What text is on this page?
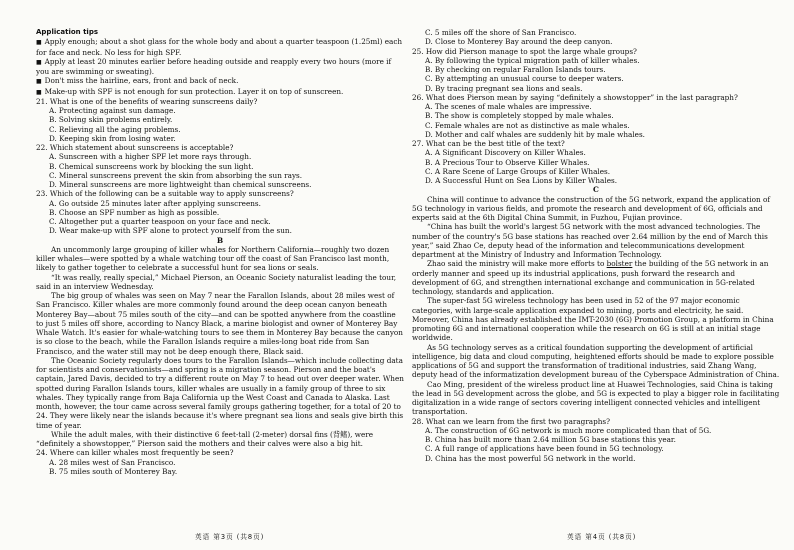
Application tips
■ Apply enough; about a shot glass for the whole body and about a quarter teaspoon (1.25ml) each for face and neck. No less for high SPF.
■ Apply at least 20 minutes earlier before heading outside and reapply every two hours (more if you are swimming or sweating).
■ Don't miss the hairline, ears, front and back of neck.
■ Make-up with SPF is not enough for sun protection. Layer it on top of sunscreen.
21. What is one of the benefits of wearing sunscreens daily?
A. Protecting against sun damage.
B. Solving skin problems entirely.
C. Relieving all the aging problems.
D. Keeping skin from losing water.
22. Which statement about sunscreens is acceptable?
A. Sunscreen with a higher SPF let more rays through.
B. Chemical sunscreens work by blocking the sun light.
C. Mineral sunscreens prevent the skin from absorbing the sun rays.
D. Mineral sunscreens are more lightweight than chemical sunscreens.
23. Which of the following can be a suitable way to apply sunscreens?
A. Go outside 25 minutes later after applying sunscreens.
B. Choose an SPF number as high as possible.
C. Altogether put a quarter teaspoon on your face and neck.
D. Wear make-up with SPF alone to protect yourself from the sun.
B
An uncommonly large grouping of killer whales for Northern California—roughly two dozen killer whales—were spotted by a whale watching tour off the coast of San Francisco last month, likely to gather together to celebrate a successful hunt for sea lions or seals.
“It was really, really special,” Michael Pierson, an Oceanic Society naturalist leading the tour, said in an interview Wednesday.
The big group of whales was seen on May 7 near the Farallon Islands, about 28 miles west of San Francisco. Killer whales are more commonly found around the deep ocean canyon beneath Monterey Bay—about 75 miles south of the city—and can be spotted anywhere from the coastline to just 5 miles off shore, according to Nancy Black, a marine biologist and owner of Monterey Bay Whale Watch. It's easier for whale-watching tours to see them in Monterey Bay because the canyon is so close to the beach, while the Farallon Islands require a miles-long boat ride from San Francisco, and the water still may not be deep enough there, Black said.
The Oceanic Society regularly does tours to the Farallon Islands—which include collecting data for scientists and conservationists—and spring is a migration season. Pierson and the boat's captain, Jared Davis, decided to try a different route on May 7 to head out over deeper water. When spotted during Farallon Islands tours, killer whales are usually in a family group of three to six whales. They typically range from Baja California up the West Coast and Canada to Alaska. Last month, however, the tour came across several family groups gathering together, for a total of 20 to 24. They were likely near the islands because it's where pregnant sea lions and seals give birth this time of year.
While the adult males, with their distinctive 6 feet-tall (2-meter) dorsal fins (背鳍), were “definitely a showstopper,” Pierson said the mothers and their calves were also a big hit.
24. Where can killer whales most frequently be seen?
A. 28 miles west of San Francisco.
B. 75 miles south of Monterey Bay.
C. 5 miles off the shore of San Francisco.
D. Close to Monterey Bay around the deep canyon.
25. How did Pierson manage to spot the large whale groups?
A. By following the typical migration path of killer whales.
B. By checking on regular Farallon Islands tours.
C. By attempting an unusual course to deeper waters.
D. By tracing pregnant sea lions and seals.
26. What does Pierson mean by saying “definitely a showstopper” in the last paragraph?
A. The scenes of male whales are impressive.
B. The show is completely stopped by male whales.
C. Female whales are not as distinctive as male whales.
D. Mother and calf whales are suddenly hit by male whales.
27. What can be the best title of the text?
A. A Significant Discovery on Killer Whales.
B. A Precious Tour to Observe Killer Whales.
C. A Rare Scene of Large Groups of Killer Whales.
D. A Successful Hunt on Sea Lions by Killer Whales.
C
China will continue to advance the construction of the 5G network, expand the application of 5G technology in various fields, and promote the research and development of 6G, officials and experts said at the 6th Digital China Summit, in Fuzhou, Fujian province.
“China has built the world's largest 5G network with the most advanced technologies. The number of the country's 5G base stations has reached over 2.64 million by the end of March this year,” said Zhao Ce, deputy head of the information and telecommunications development department at the Ministry of Industry and Information Technology.
Zhao said the ministry will make more efforts to bolster the building of the 5G network in an orderly manner and speed up its industrial applications, push forward the research and development of 6G, and strengthen international exchange and communication in 5G-related technology, standards and application.
The super-fast 5G wireless technology has been used in 52 of the 97 major economic categories, with large-scale application expanded to mining, ports and electricity, he said. Moreover, China has already established the IMT-2030 (6G) Promotion Group, a platform in China promoting 6G and international cooperation while the research on 6G is still at an initial stage worldwide.
As 5G technology serves as a critical foundation supporting the development of artificial intelligence, big data and cloud computing, heightened efforts should be made to explore possible applications of 5G and support the transformation of traditional industries, said Zhang Wang, deputy head of the informatization development bureau of the Cyberspace Administration of China.
Cao Ming, president of the wireless product line at Huawei Technologies, said China is taking the lead in 5G development across the globe, and 5G is expected to play a bigger role in facilitating digitalization in a wide range of sectors covering intelligent connected vehicles and intelligent transportation.
28. What can we learn from the first two paragraphs?
A. The construction of 6G network is much more complicated than that of 5G.
B. China has built more than 2.64 million 5G base stations this year.
C. A full range of applications have been found in 5G technology.
D. China has the most powerful 5G network in the world.
英语 第3页 (共8页)	英语 第4页 (共8页)
